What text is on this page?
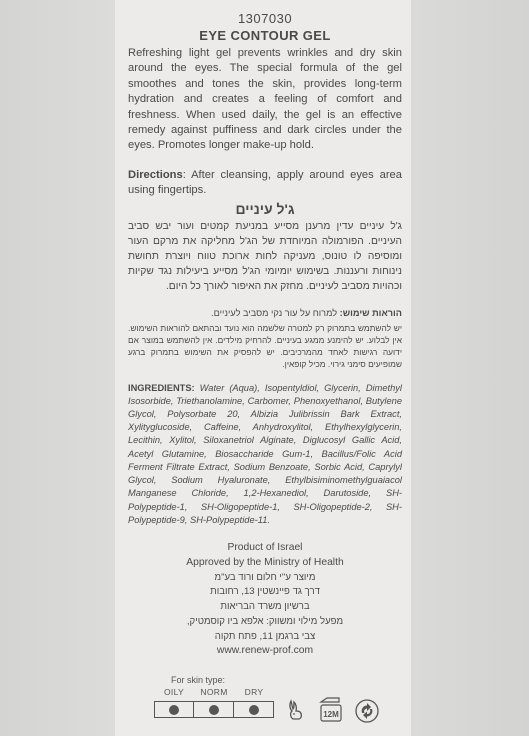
1307030
EYE CONTOUR GEL
Refreshing light gel prevents wrinkles and dry skin around the eyes. The special formula of the gel smoothes and tones the skin, provides long-term hydration and creates a feeling of comfort and freshness. When used daily, the gel is an effective remedy against puffiness and dark circles under the eyes. Promotes longer make-up hold.
Directions: After cleansing, apply around eyes area using fingertips.
ג'ל עיניים
ג'ל עיניים עדין מרענן מסייע במניעת קמטים ועור יבש סביב העיניים. הפורמולה המיוחדת של הג'ל מחליקה את מרקם העור ומוסיפה לו טונוס, מעניקה לחות ארוכת טווח ויוצרת תחושת נינוחות ורעננות. בשימוש יומיומי הג'ל מסייע ביעילות נגד שקיות וכהויות מסביב לעיניים. מחזק את האיפור לאורך כל היום.
הוראות שימוש: למרוח על עור נקי מסביב לעיניים.
יש להשתמש בתמרוק רק למטרה שלשמה הוא נועד ובהתאם להוראות השימוש. אין לבלוע. יש להימנע ממגע בעיניים. להרחיק מילדים. אין להשתמש במוצר אם ידועה רגישות לאחד מהמרכיבים. יש להפסיק את השימוש בתמרוק ברגע שמופיעים סימני גירוי. מכיל קופאין.
INGREDIENTS: Water (Aqua), Isopentyldiol, Glycerin, Dimethyl Isosorbide, Triethanolamine, Carbomer, Phenoxyethanol, Butylene Glycol, Polysorbate 20, Albizia Julibrissin Bark Extract, Xylityglucoside, Caffeine, Anhydroxylitol, Ethylhexylglycerin, Lecithin, Xylitol, Siloxanetriol Alginate, Diglucosyl Gallic Acid, Acetyl Glutamine, Biosaccharide Gum-1, Bacillus/Folic Acid Ferment Filtrate Extract, Sodium Benzoate, Sorbic Acid, Caprylyl Glycol, Sodium Hyaluronate, Ethylbisiminomethylguaiacol Manganese Chloride, 1,2-Hexanediol, Darutoside, SH-Polypeptide-1, SH-Oligopeptide-1, SH-Oligopeptide-2, SH-Polypeptide-9, SH-Polypeptide-11.
Product of Israel
Approved by the Ministry of Health
מיוצר ע"י חלום ורוד בע"מ
דרך גד פיינשטין 13, רחובות
ברשיון משרד הבריאות
מפעל מילוי ומשווק: אלפא ביו קוסמטיק,
צבי ברגמן 11, פתח תקוה
www.renew-prof.com
For skin type:
OILY	NORM	DRY
12M
